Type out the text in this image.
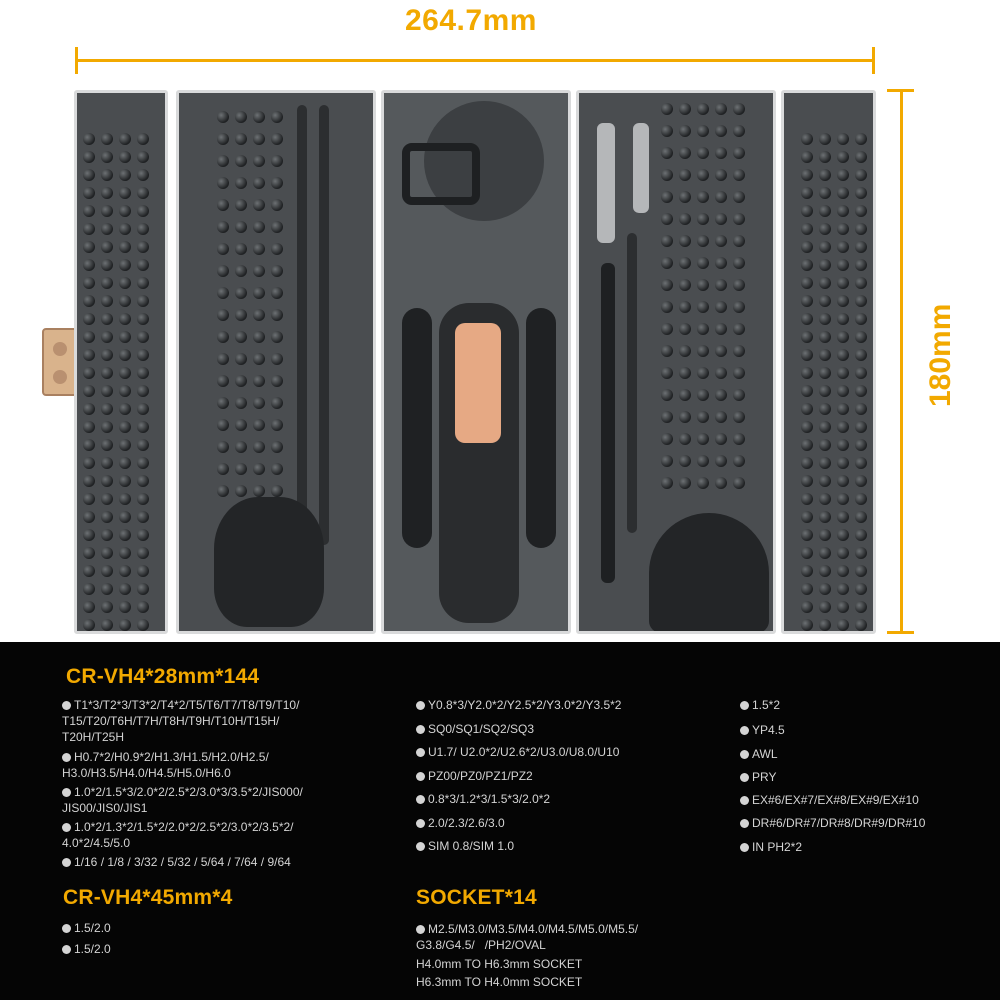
264.7mm
180mm
CR-VH4*28mm*144
T1*3/T2*3/T3*2/T4*2/T5/T6/T7/T8/T9/T10/
T15/T20/T6H/T7H/T8H/T9H/T10H/T15H/
T20H/T25H
H0.7*2/H0.9*2/H1.3/H1.5/H2.0/H2.5/
H3.0/H3.5/H4.0/H4.5/H5.0/H6.0
1.0*2/1.5*3/2.0*2/2.5*2/3.0*3/3.5*2/JIS000/
JIS00/JIS0/JIS1
1.0*2/1.3*2/1.5*2/2.0*2/2.5*2/3.0*2/3.5*2/
4.0*2/4.5/5.0
1/16 / 1/8 / 3/32 / 5/32 / 5/64 / 7/64 / 9/64
Y0.8*3/Y2.0*2/Y2.5*2/Y3.0*2/Y3.5*2
SQ0/SQ1/SQ2/SQ3
U1.7/ U2.0*2/U2.6*2/U3.0/U8.0/U10
PZ00/PZ0/PZ1/PZ2
0.8*3/1.2*3/1.5*3/2.0*2
2.0/2.3/2.6/3.0
SIM 0.8/SIM 1.0
1.5*2
YP4.5
AWL
PRY
EX#6/EX#7/EX#8/EX#9/EX#10
DR#6/DR#7/DR#8/DR#9/DR#10
IN PH2*2
CR-VH4*45mm*4
1.5/2.0
1.5/2.0
SOCKET*14
M2.5/M3.0/M3.5/M4.0/M4.5/M5.0/M5.5/
G3.8/G4.5/   /PH2/OVAL
H4.0mm TO H6.3mm SOCKET
H6.3mm TO H4.0mm SOCKET
